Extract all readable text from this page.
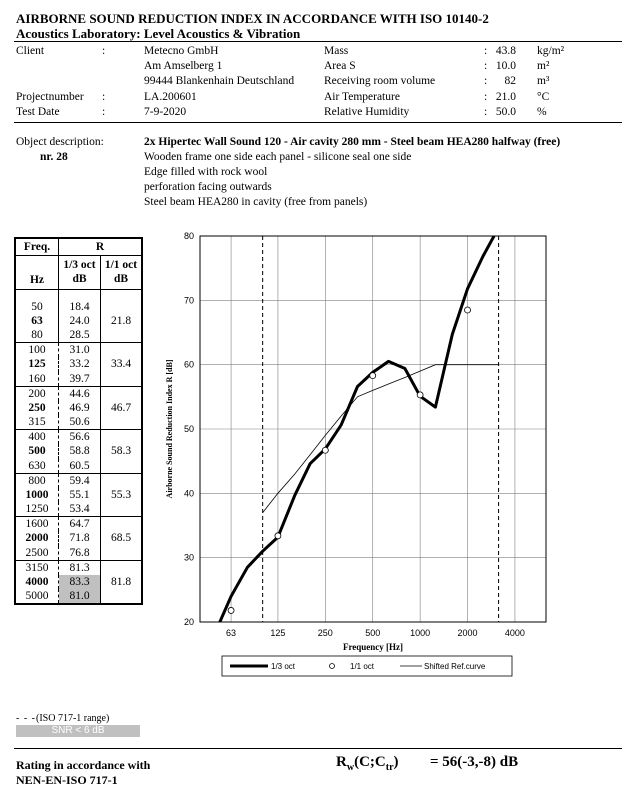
AIRBORNE SOUND REDUCTION INDEX IN ACCORDANCE WITH ISO 10140-2
Acoustics Laboratory: Level Acoustics & Vibration
Client	:	Metecno GmbH
Am Amselberg 1
99444 Blankenhain Deutschland
Projectnumber :	LA.200601
Test Date	:	7-9-2020
Mass	: 43.8 kg/m²
Area S	: 10.0 m²
Receiving room volume	:	82 m³
Air Temperature	: 21.0 °C
Relative Humidity	: 50.0 %
Object description:
nr. 28
2x Hipertec Wall Sound 120 - Air cavity 280 mm - Steel beam HEA280 halfway (free)
Wooden frame one side each panel - silicone seal one side
Edge filled with rock wool
perforation facing outwards
Steel beam HEA280 in cavity (free from panels)
Freq.	R	
Hz	1/3 oct
dB	1/1 oct
dB
50	18.4	21.8
63	24.0	
80	28.5	
100	31.0	33.4
125	33.2	
160	39.7	
200	44.6	46.7
250	46.9	
315	50.6	
400	56.6	58.3
500	58.8	
630	60.5	
800	59.4	55.3
1000	55.1	
1250	53.4	
1600	64.7	68.5
2000	71.8	
2500	76.8	
3150	81.3	81.8
4000	83.3	
5000	81.0	
20
30
40
50
60
70
80
63	125	250	500	1000	2000	4000
Frequency [Hz]
Airborne Sound Reduction Index R [dB]
1/3 oct	1/1 oct	Shifted Ref.curve
- - -(ISO 717-1 range)
SNR < 6 dB
Rating in accordance with
NEN-EN-ISO 717-1
$R_w(C;C_{tr}) = 56(-3,-8)$ dB
